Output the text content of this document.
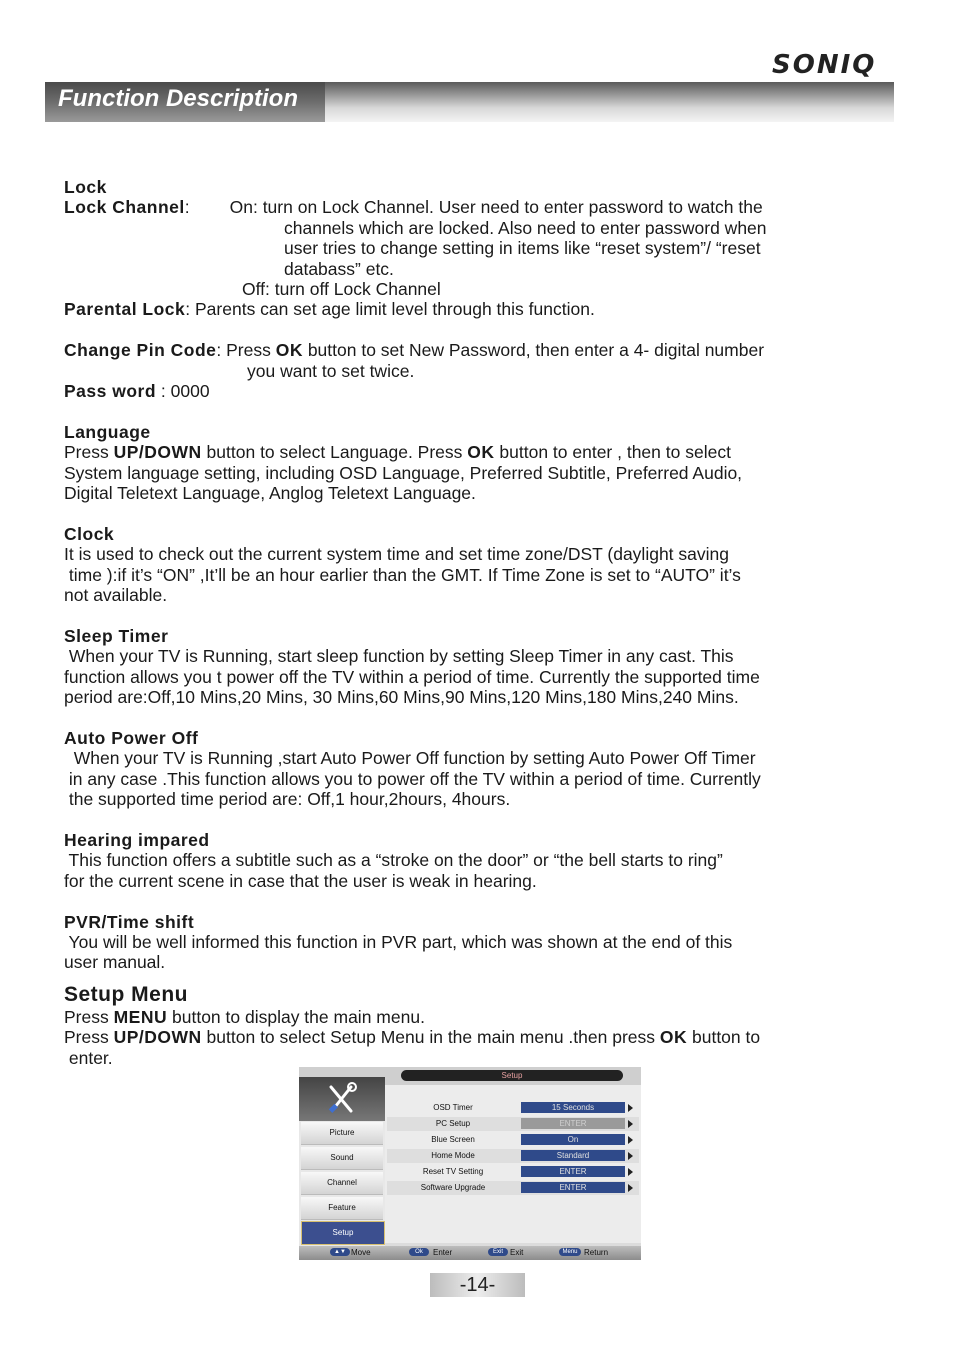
SONIQ
Function Description

Lock

Lock Channel: On: turn on Lock Channel. User need to enter password to watch the

channels which are locked. Also need to enter password when

user tries to change setting in items like “reset system”/ “reset

databass” etc.

Off: turn off Lock Channel

Parental Lock: Parents can set age limit level through this function.

Change Pin Code: Press OK button to set New Password, then enter a 4- digital number

you want to set twice.

Pass word : 0000

Language

Press UP/DOWN button to select Language. Press OK button to enter , then to select

System language setting, including OSD Language, Preferred Subtitle, Preferred Audio,

Digital Teletext Language, Anglog Teletext Language.

Clock

It is used to check out the current system time and set time zone/DST (daylight saving

time ):if it’s “ON” ,It’ll be an hour earlier than the GMT. If Time Zone is set to “AUTO” it’s

not available.

Sleep Timer

When your TV is Running, start sleep function by setting Sleep Timer in any cast. This

function allows you t power off the TV within a period of time. Currently the supported time

period are:Off,10 Mins,20 Mins, 30 Mins,60 Mins,90 Mins,120 Mins,180 Mins,240 Mins.

Auto Power Off

When your TV is Running ,start Auto Power Off function by setting Auto Power Off Timer

in any case .This function allows you to power off the TV within a period of time. Currently

the supported time period are: Off,1 hour,2hours, 4hours.

Hearing impared

This function offers a subtitle such as a “stroke on the door” or “the bell starts to ring”

for the current scene in case that the user is weak in hearing.

PVR/Time shift

You will be well informed this function in PVR part, which was shown at the end of this

user manual.

Setup Menu

Press MENU button to display the main menu.

Press UP/DOWN button to select Setup Menu in the main menu .then press OK button to

enter.

Setup
Picture
Sound
Channel
Feature
Setup
OSD Timer	15 Seconds
PC Setup	ENTER
Blue Screen	On
Home Mode	Standard
Reset TV Setting	ENTER
Software Upgrade	ENTER
▲▼ Move	Ok	Enter	Exit Exit	Menu Return
-14-
